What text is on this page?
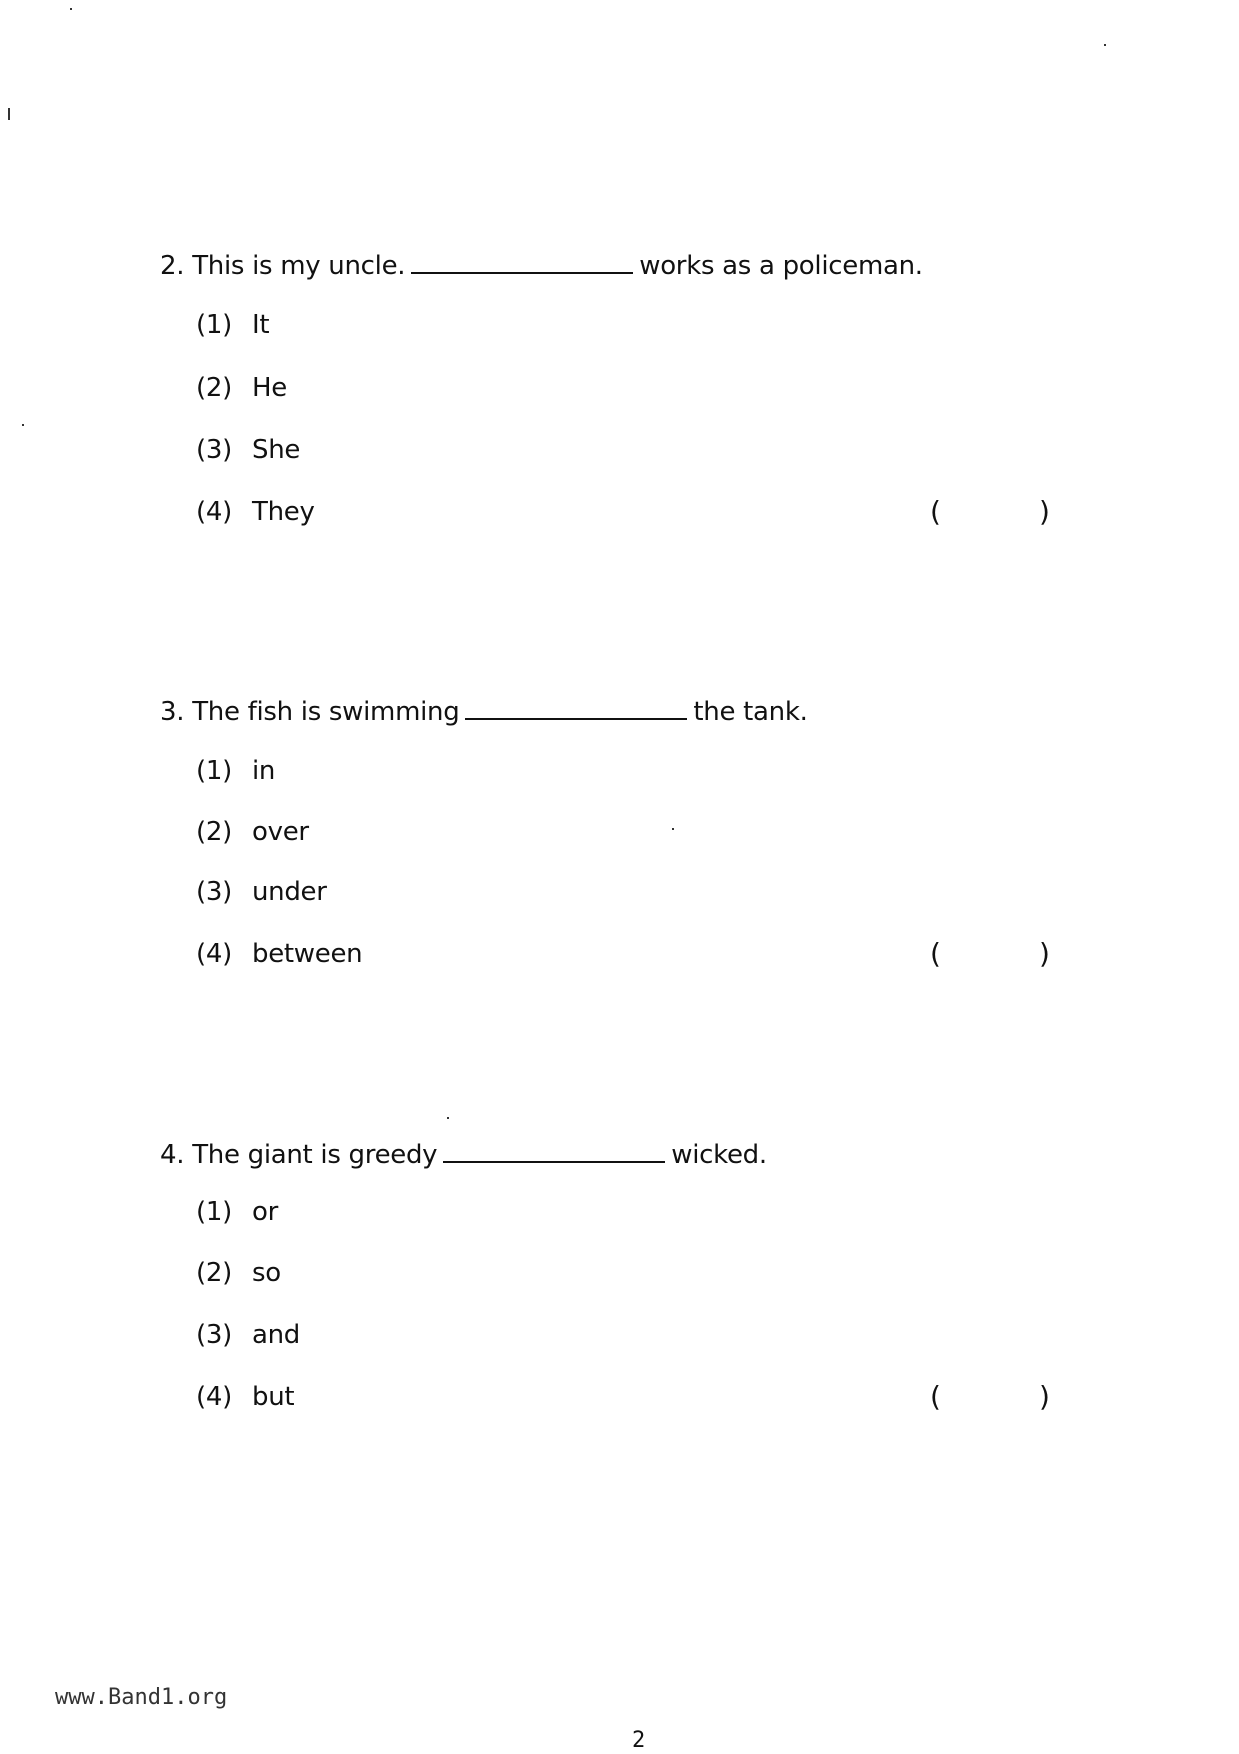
2. This is my uncle.	works as a policeman.
(1) It
(2) He
(3) She
(4) They	(	)
3. The fish is swimming	the tank.
(1) in
(2) over
(3) under
(4) between	(	)
4. The giant is greedy	wicked.
(1) or
(2) so
(3) and
(4) but	(	)
www.Band1.org
2
